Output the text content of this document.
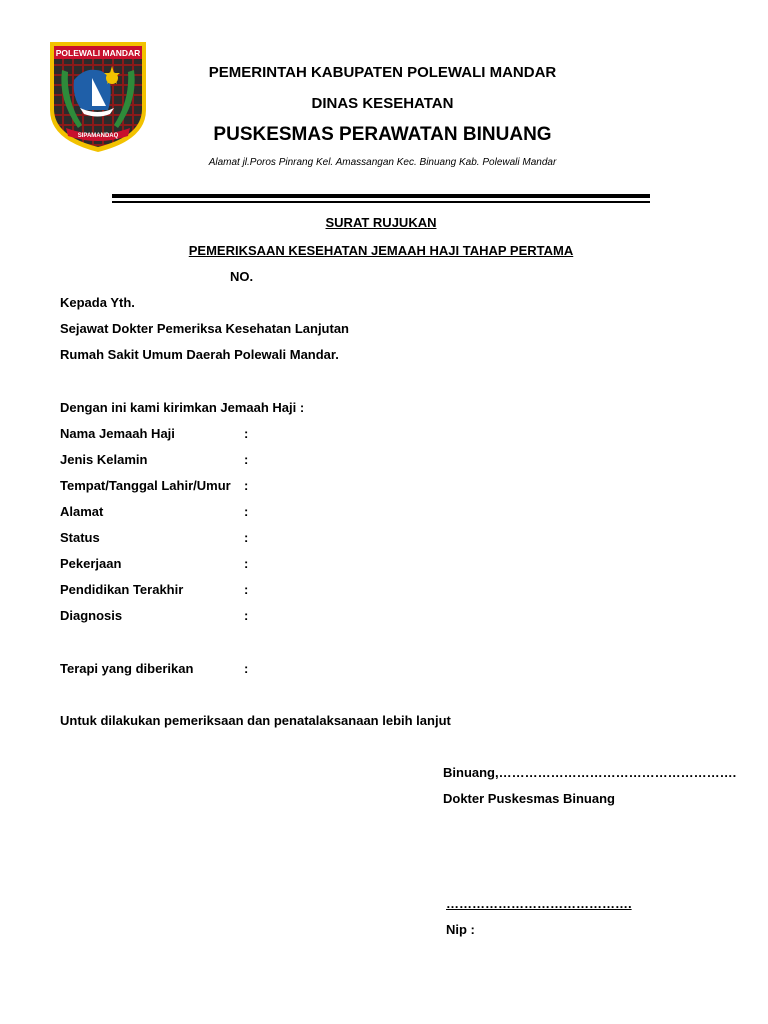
POLEWALI MANDAR
SIPAMANDAQ
PEMERINTAH KABUPATEN POLEWALI MANDAR
DINAS KESEHATAN
PUSKESMAS PERAWATAN BINUANG
Alamat jl.Poros Pinrang Kel. Amassangan Kec. Binuang Kab. Polewali Mandar
SURAT RUJUKAN
PEMERIKSAAN KESEHATAN JEMAAH HAJI TAHAP PERTAMA
NO.
Kepada Yth.
Sejawat Dokter Pemeriksa Kesehatan Lanjutan
Rumah Sakit Umum Daerah Polewali Mandar.
Dengan ini kami kirimkan Jemaah Haji :
Nama Jemaah Haji	:
Jenis Kelamin	:
Tempat/Tanggal Lahir/Umur :
Alamat	:
Status	:
Pekerjaan	:
Pendidikan Terakhir	:
Diagnosis	:
Terapi yang diberikan	:
Untuk dilakukan pemeriksaan dan penatalaksanaan lebih lanjut
Binuang,……………………………………………….
Dokter Puskesmas Binuang
…………………………………….
Nip :
